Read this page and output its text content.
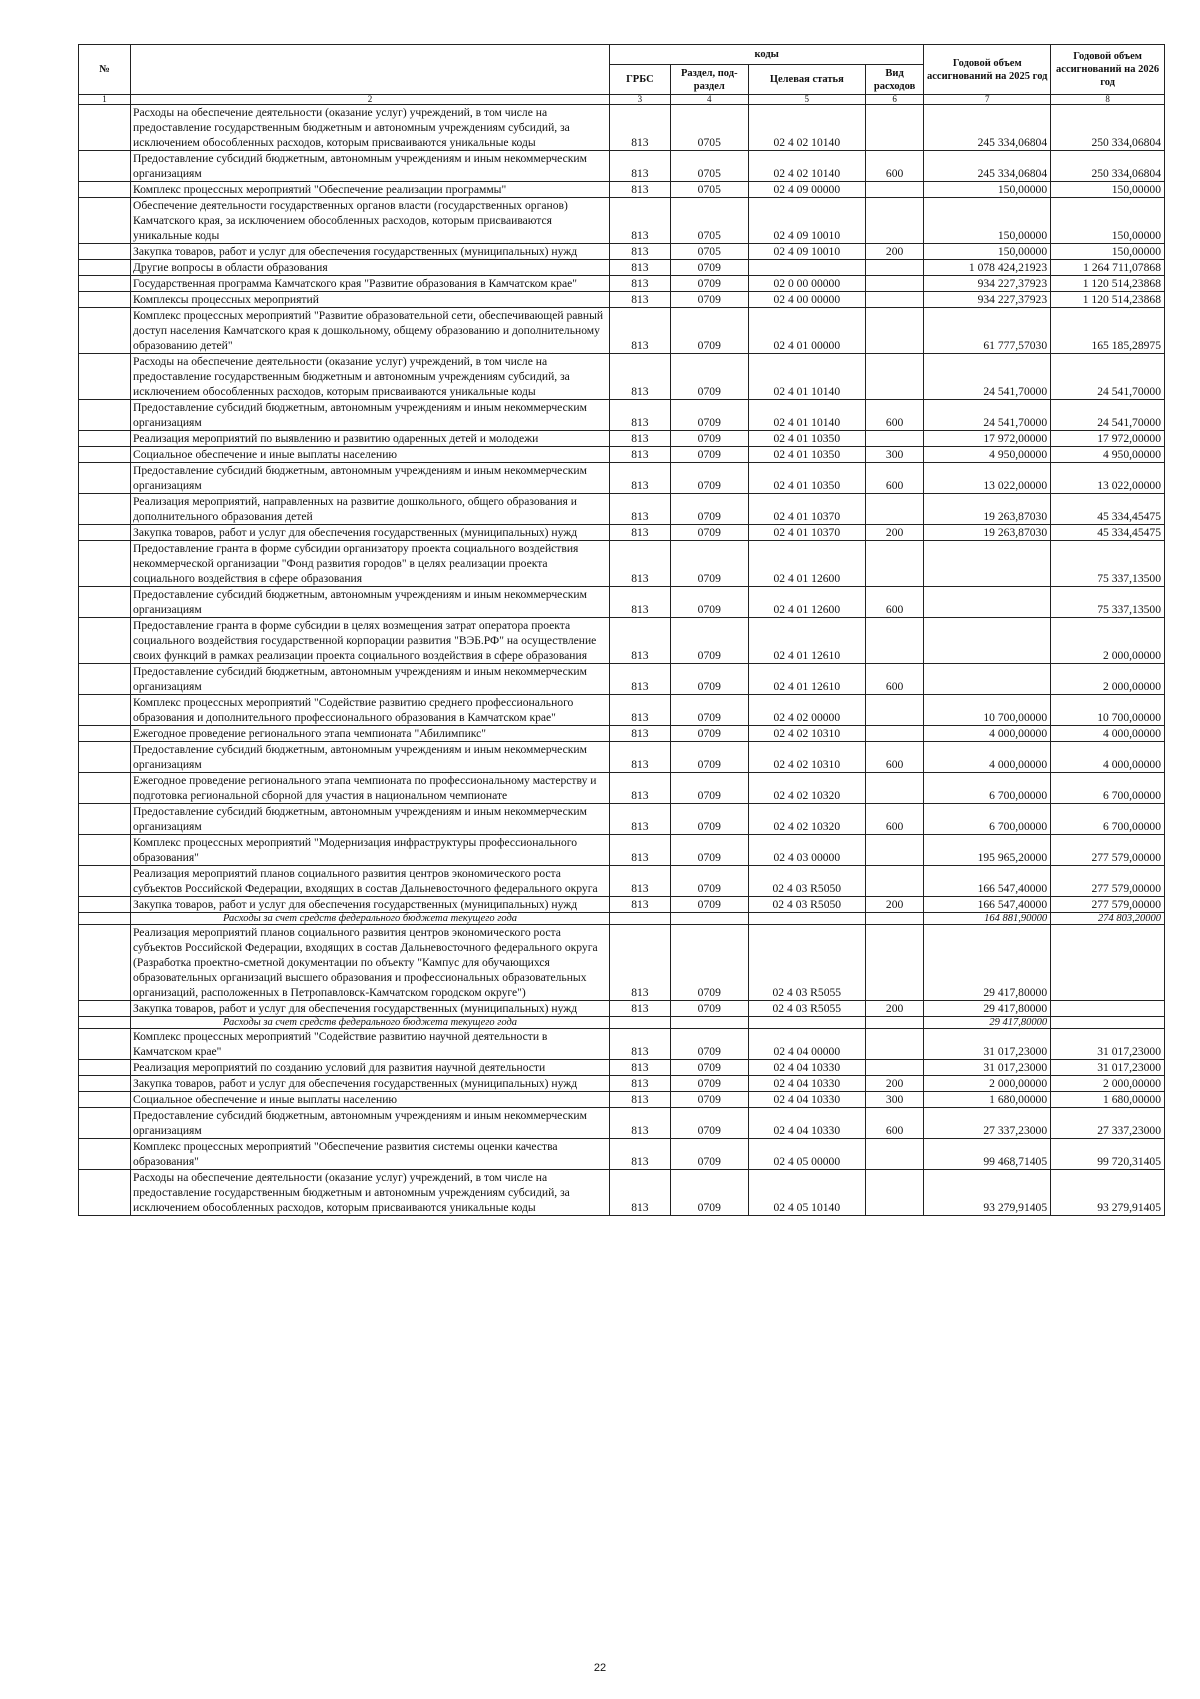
№		коды				Годовой объем ассигнований на 2025 год	Годовой объем ассигнований на 2026 год
		ГРБС	Раздел, под-раздел	Целевая статья	Вид расходов		
1	2	3	4	5	6	7	8
	Расходы на обеспечение деятельности (оказание услуг) учреждений, в том числе на предоставление государственным бюджетным и автономным учреждениям субсидий, за исключением обособленных расходов, которым присваиваются уникальные коды	813	0705	02 4 02 10140		245 334,06804	250 334,06804
	Предоставление субсидий бюджетным, автономным учреждениям и иным некоммерческим организациям	813	0705	02 4 02 10140	600	245 334,06804	250 334,06804
	Комплекс процессных мероприятий "Обеспечение реализации программы"	813	0705	02 4 09 00000		150,00000	150,00000
	Обеспечение деятельности государственных органов власти (государственных органов) Камчатского края, за исключением обособленных расходов, которым присваиваются уникальные коды	813	0705	02 4 09 10010		150,00000	150,00000
	Закупка товаров, работ и услуг для обеспечения государственных (муниципальных) нужд	813	0705	02 4 09 10010	200	150,00000	150,00000
	Другие вопросы в области образования	813	0709			1 078 424,21923	1 264 711,07868
	Государственная программа Камчатского края "Развитие образования в Камчатском крае"	813	0709	02 0 00 00000		934 227,37923	1 120 514,23868
	Комплексы процессных мероприятий	813	0709	02 4 00 00000		934 227,37923	1 120 514,23868
	Комплекс процессных мероприятий "Развитие образовательной сети, обеспечивающей равный доступ населения Камчатского края к дошкольному, общему образованию и дополнительному образованию детей"	813	0709	02 4 01 00000		61 777,57030	165 185,28975
	Расходы на обеспечение деятельности (оказание услуг) учреждений, в том числе на предоставление государственным бюджетным и автономным учреждениям субсидий, за исключением обособленных расходов, которым присваиваются уникальные коды	813	0709	02 4 01 10140		24 541,70000	24 541,70000
	Предоставление субсидий бюджетным, автономным учреждениям и иным некоммерческим организациям	813	0709	02 4 01 10140	600	24 541,70000	24 541,70000
	Реализация мероприятий по выявлению и развитию одаренных детей и молодежи	813	0709	02 4 01 10350		17 972,00000	17 972,00000
	Социальное обеспечение и иные выплаты населению	813	0709	02 4 01 10350	300	4 950,00000	4 950,00000
	Предоставление субсидий бюджетным, автономным учреждениям и иным некоммерческим организациям	813	0709	02 4 01 10350	600	13 022,00000	13 022,00000
	Реализация мероприятий, направленных на развитие дошкольного, общего образования и дополнительного образования детей	813	0709	02 4 01 10370		19 263,87030	45 334,45475
	Закупка товаров, работ и услуг для обеспечения государственных (муниципальных) нужд	813	0709	02 4 01 10370	200	19 263,87030	45 334,45475
	Предоставление гранта в форме субсидии организатору проекта социального воздействия некоммерческой организации "Фонд развития городов" в целях реализации проекта социального воздействия в сфере образования	813	0709	02 4 01 12600			75 337,13500
	Предоставление субсидий бюджетным, автономным учреждениям и иным некоммерческим организациям	813	0709	02 4 01 12600	600		75 337,13500
	Предоставление гранта в форме субсидии в целях возмещения затрат оператора проекта социального воздействия государственной корпорации развития "ВЭБ.РФ" на осуществление своих функций в рамках реализации проекта социального воздействия в сфере образования	813	0709	02 4 01 12610			2 000,00000
	Предоставление субсидий бюджетным, автономным учреждениям и иным некоммерческим организациям	813	0709	02 4 01 12610	600		2 000,00000
	Комплекс процессных мероприятий "Содействие развитию среднего профессионального образования и дополнительного профессионального образования в Камчатском крае"	813	0709	02 4 02 00000		10 700,00000	10 700,00000
	Ежегодное проведение регионального этапа чемпионата "Абилимпикс"	813	0709	02 4 02 10310		4 000,00000	4 000,00000
	Предоставление субсидий бюджетным, автономным учреждениям и иным некоммерческим организациям	813	0709	02 4 02 10310	600	4 000,00000	4 000,00000
	Ежегодное проведение регионального этапа чемпионата по профессиональному мастерству и подготовка региональной сборной для участия в национальном чемпионате	813	0709	02 4 02 10320		6 700,00000	6 700,00000
	Предоставление субсидий бюджетным, автономным учреждениям и иным некоммерческим организациям	813	0709	02 4 02 10320	600	6 700,00000	6 700,00000
	Комплекс процессных мероприятий "Модернизация инфраструктуры профессионального образования"	813	0709	02 4 03 00000		195 965,20000	277 579,00000
	Реализация мероприятий планов социального развития центров экономического роста субъектов Российской Федерации, входящих в состав Дальневосточного федерального округа	813	0709	02 4 03 R5050		166 547,40000	277 579,00000
	Закупка товаров, работ и услуг для обеспечения государственных (муниципальных) нужд	813	0709	02 4 03 R5050	200	166 547,40000	277 579,00000
	Расходы за счет средств федерального бюджета текущего года					164 881,90000	274 803,20000
	Реализация мероприятий планов социального развития центров экономического роста субъектов Российской Федерации, входящих в состав Дальневосточного федерального округа (Разработка проектно-сметной документации по объекту "Кампус для обучающихся образовательных организаций высшего образования и профессиональных образовательных организаций, расположенных в Петропавловск-Камчатском городском округе")	813	0709	02 4 03 R5055		29 417,80000	
	Закупка товаров, работ и услуг для обеспечения государственных (муниципальных) нужд	813	0709	02 4 03 R5055	200	29 417,80000	
	Расходы за счет средств федерального бюджета текущего года					29 417,80000	
	Комплекс процессных мероприятий "Содействие развитию научной деятельности в Камчатском крае"	813	0709	02 4 04 00000		31 017,23000	31 017,23000
	Реализация мероприятий по созданию условий для развития научной деятельности	813	0709	02 4 04 10330		31 017,23000	31 017,23000
	Закупка товаров, работ и услуг для обеспечения государственных (муниципальных) нужд	813	0709	02 4 04 10330	200	2 000,00000	2 000,00000
	Социальное обеспечение и иные выплаты населению	813	0709	02 4 04 10330	300	1 680,00000	1 680,00000
	Предоставление субсидий бюджетным, автономным учреждениям и иным некоммерческим организациям	813	0709	02 4 04 10330	600	27 337,23000	27 337,23000
	Комплекс процессных мероприятий "Обеспечение развития системы оценки качества образования"	813	0709	02 4 05 00000		99 468,71405	99 720,31405
	Расходы на обеспечение деятельности (оказание услуг) учреждений, в том числе на предоставление государственным бюджетным и автономным учреждениям субсидий, за исключением обособленных расходов, которым присваиваются уникальные коды	813	0709	02 4 05 10140		93 279,91405	93 279,91405
22
